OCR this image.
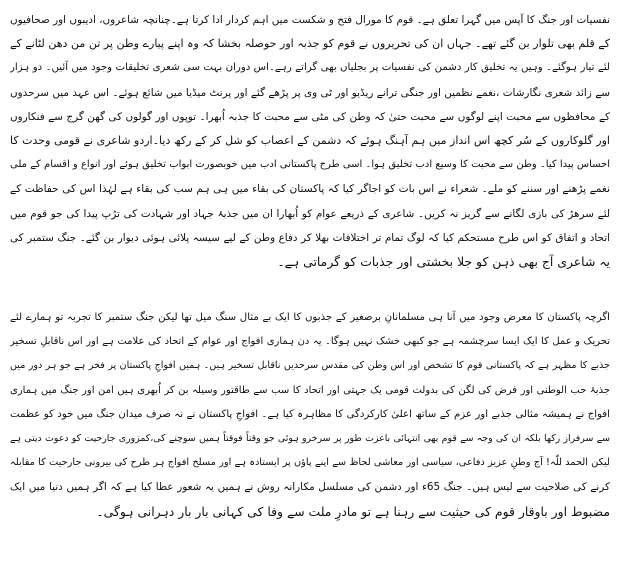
نفسیات اور جنگ کا آپس میں گہرا تعلق ہے۔ قوم کا مورال فتح و شکست میں اہم کردار ادا کرتا ہے۔چنانچہ شاعروں، ادیبوں اور صحافیوں
کے قلم بھی تلوار بن گئے تھے۔ جہاں ان کی تحریروں نے قوم کو جذبہ اور حوصلہ بخشا کہ وہ اپنے پیارے وطن پر تن من دھن لٹانے کے
لئے تیار ہوگئے۔ وہیں یہ تخلیق کار دشمن کی نفسیات پر بجلیاں بھی گراتے رہے۔اس دوران بہت سی شعری تخلیقات وجود میں آئیں۔ دو ہزار
سے زائد شعری نگارشات ،نغمے نظمیں اور جنگی ترانے ریڈیو اور ٹی وی پر پڑھے گئے اور پرنٹ میڈیا میں شائع ہوئے۔ اس عہد میں سرحدوں
کے محافظوں سے محبت اپنے لوگوں سے محبت حتیٰ کہ وطن کی مٹی سے محبت کا جذبہ اُبھرا۔ توپوں اور گولوں کی گھن گرج سے فنکاروں
اور گلوکاروں کے سُر کچھ اس انداز میں ہم آہنگ ہوئے کہ دشمن کے اعصاب کو شل کر کے رکھ دیا۔اردو شاعری نے قومی وحدت کا
احساس پیدا کیا۔ وطن سے محبت کا وسیع ادب تخلیق ہوا۔ اسی طرح پاکستانی ادب میں خوبصورت ابواب تخلیق ہوئے اور انواع و اقسام کے ملی
نغمے پڑھنے اور سننے کو ملے۔ شعراء نے اس بات کو اجاگر کیا کہ پاکستان کی بقاء میں ہی ہم سب کی بقاء ہے لہٰذا اس کی حفاظت کے
لئے سرھڑ کی بازی لگانے سے گریز نہ کریں۔ شاعری کے ذریعے عوام کو اُبھارا ان میں جذبۂ جہاد اور شہادت کی تڑپ پیدا کی جو قوم میں
اتحاد و اتفاق کو اس طرح مستحکم کیا کہ لوگ تمام تر اختلافات بھلا کر دفاع وطن کے لیے سیسہ پلائی ہوئی دیوار بن گئے۔ جنگ ستمبر کی
یہ شاعری آج بھی ذہن کو جلا بخشتی اور جذبات کو گرماتی ہے۔
اگرچہ پاکستان کا معرض وجود میں آنا ہی مسلمانانِ برصغیر کے جذبوں کا ایک بے مثال سنگ میل تھا لیکن جنگ ستمبر کا تجربہ تو ہمارے لئے
تحریک و عمل کا ایک ایسا سرچشمہ ہے جو کبھی خشک نہیں ہوگا۔ یہ دن ہماری افواج اور عوام کے اتحاد کی علامت ہے اور اس ناقابلِ تسخیر
جذبے کا مظہر ہے کہ پاکستانی قوم کا تشخص اور اس وطن کی مقدس سرحدیں ناقابل تسخیر ہیں۔ ہمیں افواجِ پاکستان پر فخر ہے جو ہر دور میں
جذبۂ حب الوطنی اور فرض کی لگن کی بدولت قومی یک جہتی اور اتحاد کا سب سے طاقتور وسیلہ بن کر اُبھری ہیں امن اور جنگ میں ہماری
افواج نے ہمیشہ مثالی جذبے اور عزم کے ساتھ اعلیٰ کارکردگی کا مظاہرہ کیا ہے۔ افواجِ پاکستان نے نہ صرف میدان جنگ میں خود کو عظمت
سے سرفراز رکھا بلکہ ان کی وجہ سے قوم بھی انتہائی باعزت طور پر سرخرو ہوئی جو وقتاً فوقتاً ہمیں سوچنے کی،کمزوری جارحیت کو دعوت دیتی ہے
لیکن الحمد للّہ! آج وطنِ عزیز دفاعی، سیاسی اور معاشی لحاظ سے اپنے پاؤں پر ایستادہ ہے اور مسلح افواج ہر طرح کی بیرونی جارحیت کا مقابلہ
کرنے کی صلاحیت سے لیس ہیں۔ جنگ 65ء اور دشمن کی مسلسل مکارانہ روش نے ہمیں یہ شعور عطا کیا ہے کہ اگر ہمیں دنیا میں ایک
مضبوط اور باوقار قوم کی حیثیت سے رہنا ہے تو مادرِ ملت سے وفا کی کہانی بار بار دہرانی ہوگی۔
